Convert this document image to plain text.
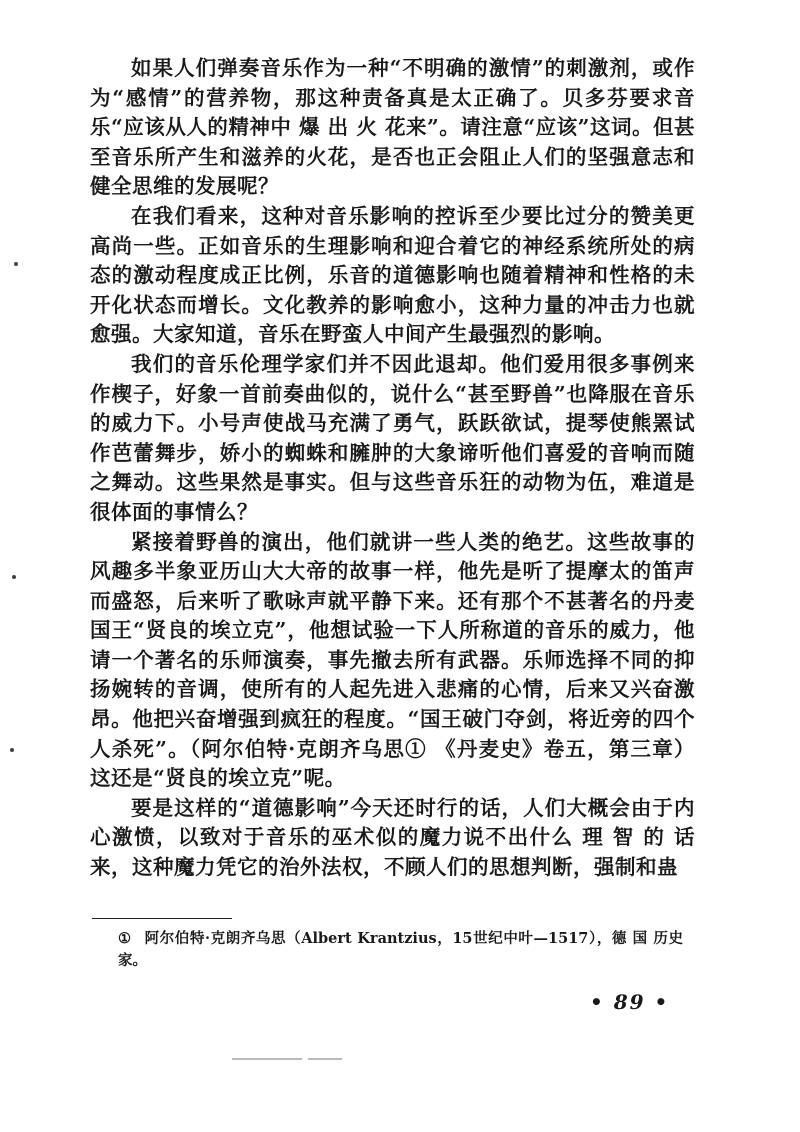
如果人们弹奏音乐作为一种“不明确的激情”的刺激剂，或作为“感情”的营养物，那这种责备真是太正确了。贝多芬要求音乐“应该从人的精神中 爆 出 火 花来”。请注意“应该”这词。但甚至音乐所产生和滋养的火花，是否也正会阻止人们的坚强意志和健全思维的发展呢？

在我们看来，这种对音乐影响的控诉至少要比过分的赞美更高尚一些。正如音乐的生理影响和迎合着它的神经系统所处的病态的激动程度成正比例，乐音的道德影响也随着精神和性格的未开化状态而增长。文化教养的影响愈小，这种力量的冲击力也就愈强。大家知道，音乐在野蛮人中间产生最强烈的影响。

我们的音乐伦理学家们并不因此退却。他们爱用很多事例来作楔子，好象一首前奏曲似的，说什么“甚至野兽”也降服在音乐的威力下。小号声使战马充满了勇气，跃跃欲试，提琴使熊罴试作芭蕾舞步，娇小的蜘蛛和臃肿的大象谛听他们喜爱的音响而随之舞动。这些果然是事实。但与这些音乐狂的动物为伍，难道是很体面的事情么？

紧接着野兽的演出，他们就讲一些人类的绝艺。这些故事的风趣多半象亚历山大大帝的故事一样，他先是听了提摩太的笛声而盛怒，后来听了歌咏声就平静下来。还有那个不甚著名的丹麦国王“贤良的埃立克”，他想试验一下人所称道的音乐的威力，他请一个著名的乐师演奏，事先撤去所有武器。乐师选择不同的抑扬婉转的音调，使所有的人起先进入悲痛的心情，后来又兴奋激昂。他把兴奋增强到疯狂的程度。“国王破门夺剑，将近旁的四个人杀死”。（阿尔伯特·克朗齐乌思① 《丹麦史》卷五，第三章）这还是“贤良的埃立克”呢。

要是这样的“道德影响”今天还时行的话，人们大概会由于内心激愤，以致对于音乐的巫术似的魔力说不出什么 理 智 的 话来，这种魔力凭它的治外法权，不顾人们的思想判断，强制和蛊

① 阿尔伯特·克朗齐乌思（Albert Krantzius，15世纪中叶—1517），德 国 历史家。

• 89 •
